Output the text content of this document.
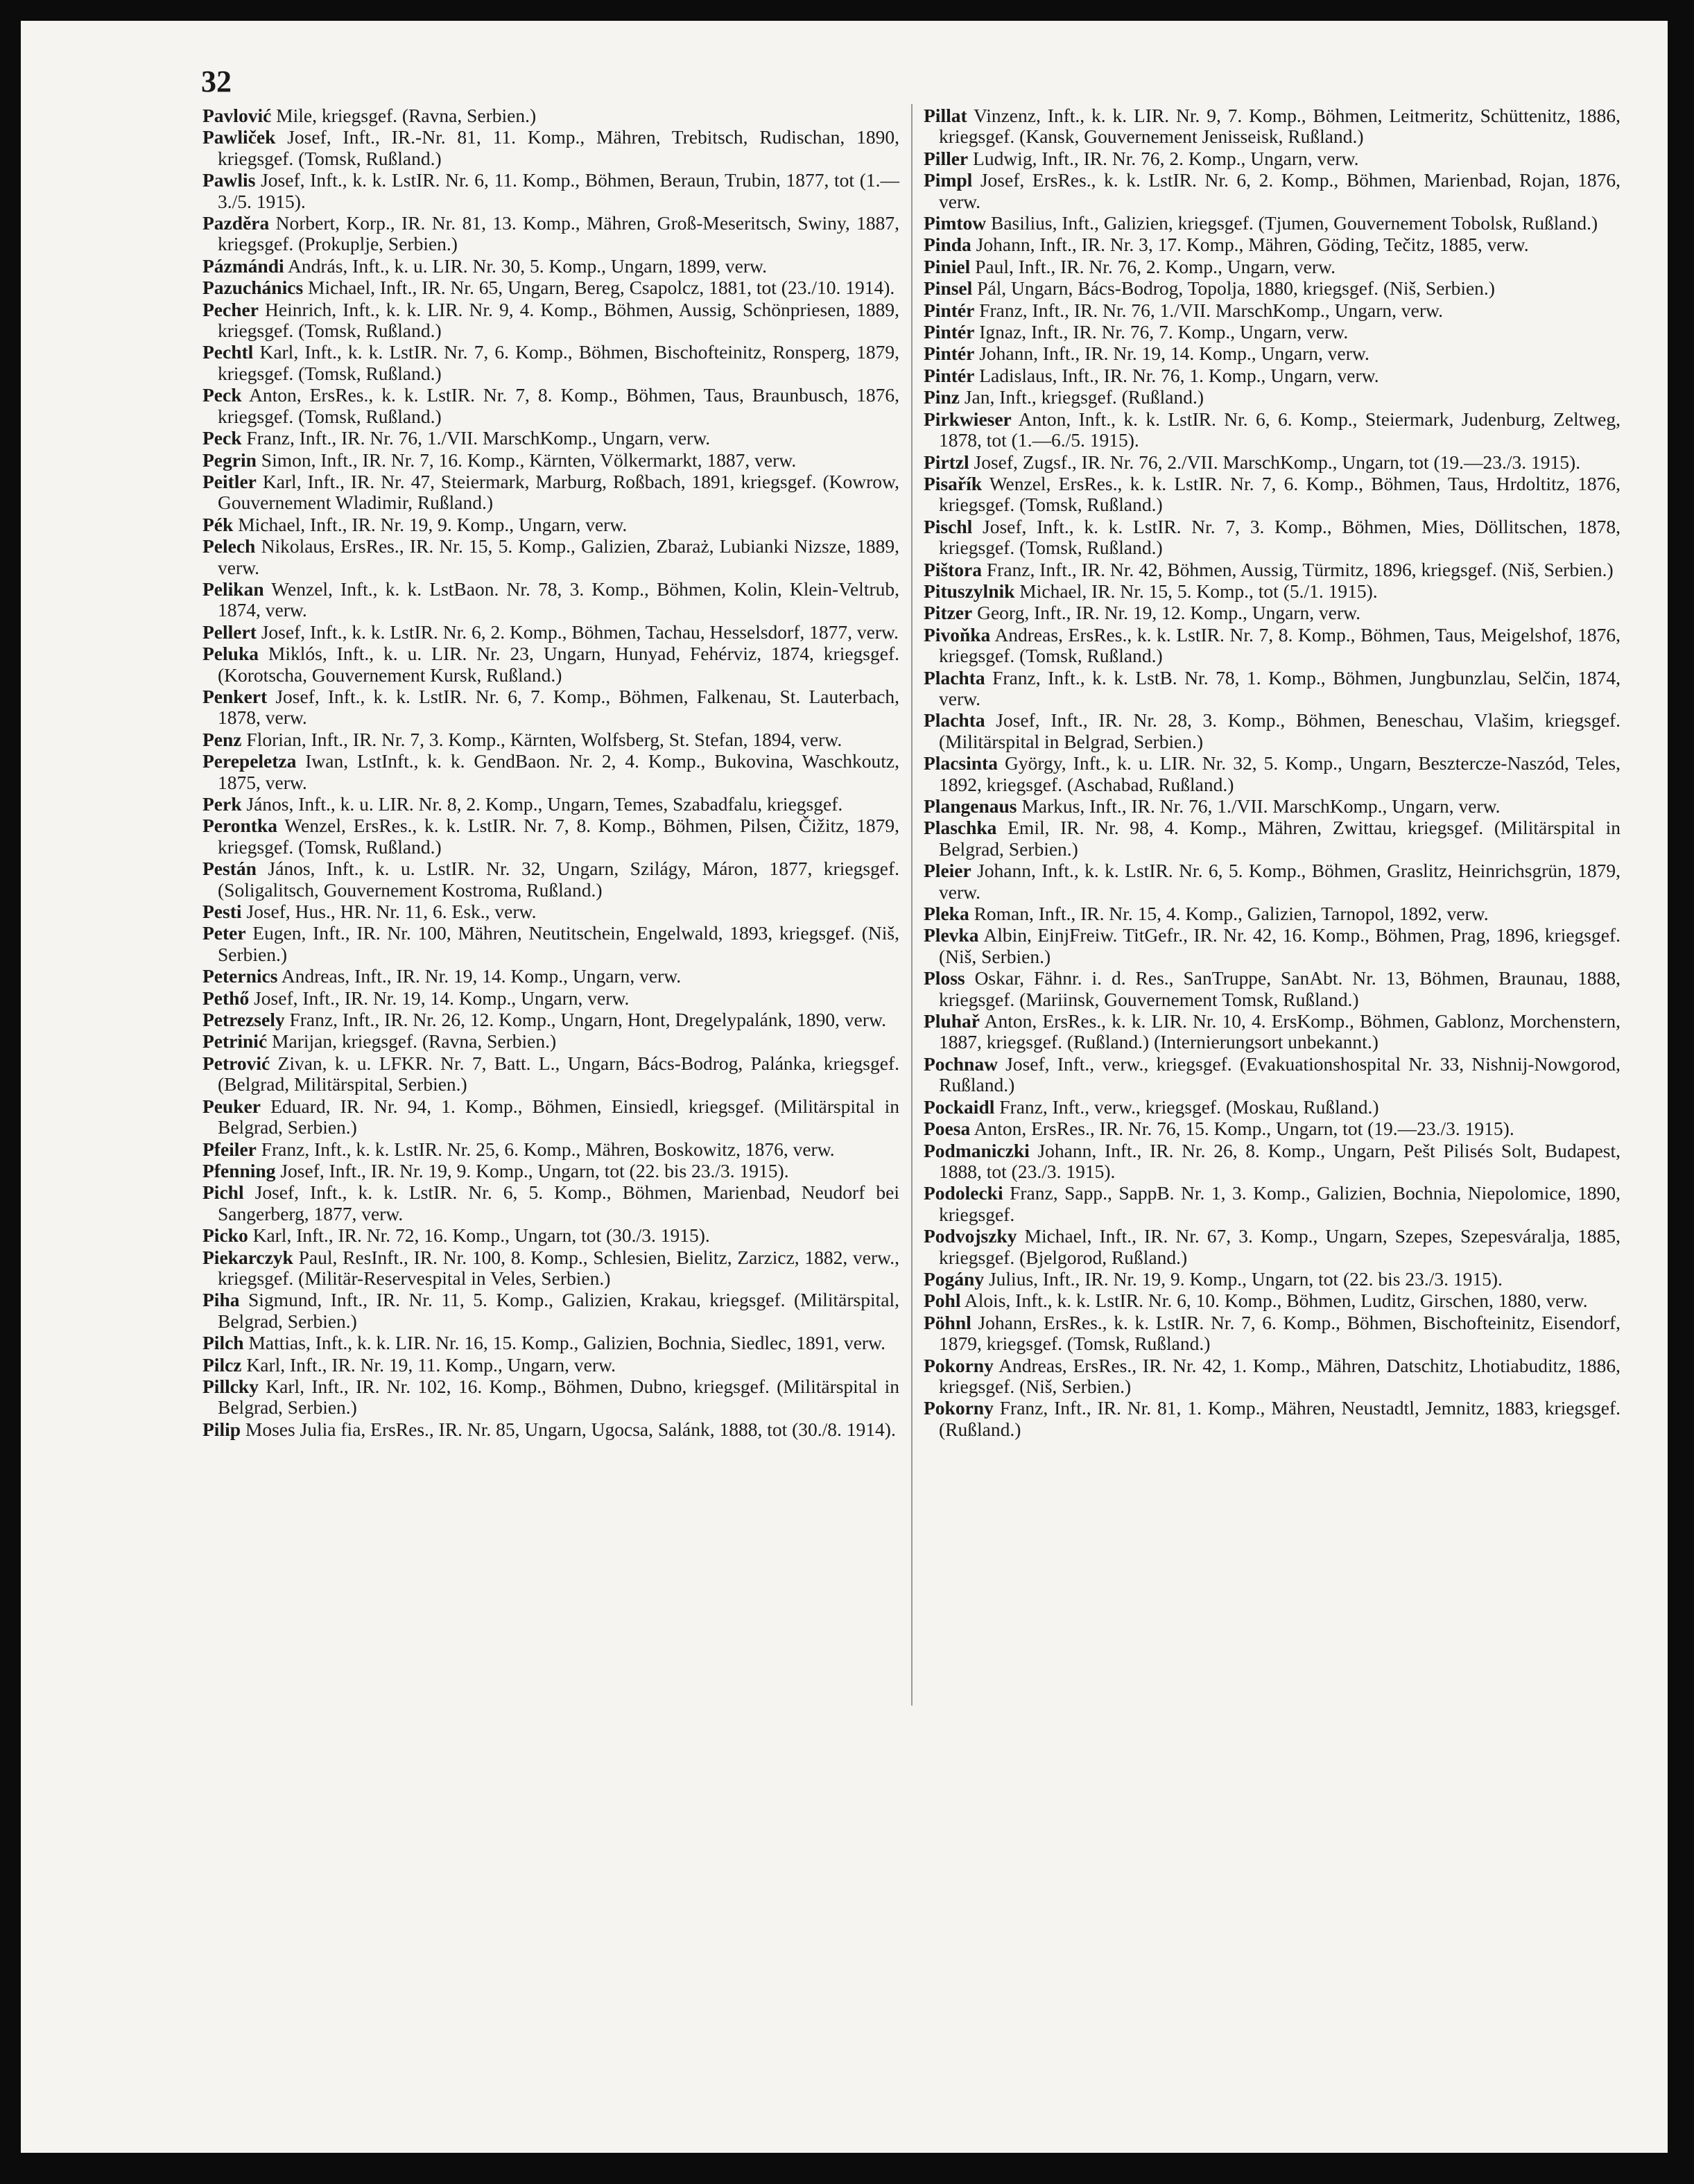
32

Pavlović Mile, kriegsgef. (Ravna, Serbien.)

Pawliček Josef, Inft., IR.-Nr. 81, 11. Komp., Mähren, Trebitsch, Rudischan, 1890, kriegsgef. (Tomsk, Rußland.)

Pawlis Josef, Inft., k. k. LstIR. Nr. 6, 11. Komp., Böhmen, Beraun, Trubin, 1877, tot (1.—3./5. 1915).

Pazděra Norbert, Korp., IR. Nr. 81, 13. Komp., Mähren, Groß-Meseritsch, Swiny, 1887, kriegsgef. (Prokuplje, Serbien.)

Pázmándi András, Inft., k. u. LIR. Nr. 30, 5. Komp., Ungarn, 1899, verw.

Pazuchánics Michael, Inft., IR. Nr. 65, Ungarn, Bereg, Csapolcz, 1881, tot (23./10. 1914).

Pecher Heinrich, Inft., k. k. LIR. Nr. 9, 4. Komp., Böhmen, Aussig, Schönpriesen, 1889, kriegsgef. (Tomsk, Rußland.)

Pechtl Karl, Inft., k. k. LstIR. Nr. 7, 6. Komp., Böhmen, Bischofteinitz, Ronsperg, 1879, kriegsgef. (Tomsk, Rußland.)

Peck Anton, ErsRes., k. k. LstIR. Nr. 7, 8. Komp., Böhmen, Taus, Braunbusch, 1876, kriegsgef. (Tomsk, Rußland.)

Peck Franz, Inft., IR. Nr. 76, 1./VII. MarschKomp., Ungarn, verw.

Pegrin Simon, Inft., IR. Nr. 7, 16. Komp., Kärnten, Völkermarkt, 1887, verw.

Peitler Karl, Inft., IR. Nr. 47, Steiermark, Marburg, Roßbach, 1891, kriegsgef. (Kowrow, Gouvernement Wladimir, Rußland.)

Pék Michael, Inft., IR. Nr. 19, 9. Komp., Ungarn, verw.

Pelech Nikolaus, ErsRes., IR. Nr. 15, 5. Komp., Galizien, Zbaraż, Lubianki Nizsze, 1889, verw.

Pelikan Wenzel, Inft., k. k. LstBaon. Nr. 78, 3. Komp., Böhmen, Kolin, Klein-Veltrub, 1874, verw.

Pellert Josef, Inft., k. k. LstIR. Nr. 6, 2. Komp., Böhmen, Tachau, Hesselsdorf, 1877, verw.

Peluka Miklós, Inft., k. u. LIR. Nr. 23, Ungarn, Hunyad, Fehérviz, 1874, kriegsgef. (Korotscha, Gouvernement Kursk, Rußland.)

Penkert Josef, Inft., k. k. LstIR. Nr. 6, 7. Komp., Böhmen, Falkenau, St. Lauterbach, 1878, verw.

Penz Florian, Inft., IR. Nr. 7, 3. Komp., Kärnten, Wolfsberg, St. Stefan, 1894, verw.

Perepeletza Iwan, LstInft., k. k. GendBaon. Nr. 2, 4. Komp., Bukovina, Waschkoutz, 1875, verw.

Perk János, Inft., k. u. LIR. Nr. 8, 2. Komp., Ungarn, Temes, Szabadfalu, kriegsgef.

Perontka Wenzel, ErsRes., k. k. LstIR. Nr. 7, 8. Komp., Böhmen, Pilsen, Čižitz, 1879, kriegsgef. (Tomsk, Rußland.)

Pestán János, Inft., k. u. LstIR. Nr. 32, Ungarn, Szilágy, Máron, 1877, kriegsgef. (Soligalitsch, Gouvernement Kostroma, Rußland.)

Pesti Josef, Hus., HR. Nr. 11, 6. Esk., verw.

Peter Eugen, Inft., IR. Nr. 100, Mähren, Neutitschein, Engelwald, 1893, kriegsgef. (Niš, Serbien.)

Peternics Andreas, Inft., IR. Nr. 19, 14. Komp., Ungarn, verw.

Pethő Josef, Inft., IR. Nr. 19, 14. Komp., Ungarn, verw.

Petrezsely Franz, Inft., IR. Nr. 26, 12. Komp., Ungarn, Hont, Dregelypalánk, 1890, verw.

Petrinić Marijan, kriegsgef. (Ravna, Serbien.)

Petrović Zivan, k. u. LFKR. Nr. 7, Batt. L., Ungarn, Bács-Bodrog, Palánka, kriegsgef. (Belgrad, Militärspital, Serbien.)

Peuker Eduard, IR. Nr. 94, 1. Komp., Böhmen, Einsiedl, kriegsgef. (Militärspital in Belgrad, Serbien.)

Pfeiler Franz, Inft., k. k. LstIR. Nr. 25, 6. Komp., Mähren, Boskowitz, 1876, verw.

Pfenning Josef, Inft., IR. Nr. 19, 9. Komp., Ungarn, tot (22. bis 23./3. 1915).

Pichl Josef, Inft., k. k. LstIR. Nr. 6, 5. Komp., Böhmen, Marienbad, Neudorf bei Sangerberg, 1877, verw.

Picko Karl, Inft., IR. Nr. 72, 16. Komp., Ungarn, tot (30./3. 1915).

Piekarczyk Paul, ResInft., IR. Nr. 100, 8. Komp., Schlesien, Bielitz, Zarzicz, 1882, verw., kriegsgef. (Militär-Reservespital in Veles, Serbien.)

Piha Sigmund, Inft., IR. Nr. 11, 5. Komp., Galizien, Krakau, kriegsgef. (Militärspital, Belgrad, Serbien.)

Pilch Mattias, Inft., k. k. LIR. Nr. 16, 15. Komp., Galizien, Bochnia, Siedlec, 1891, verw.

Pilcz Karl, Inft., IR. Nr. 19, 11. Komp., Ungarn, verw.

Pillcky Karl, Inft., IR. Nr. 102, 16. Komp., Böhmen, Dubno, kriegsgef. (Militärspital in Belgrad, Serbien.)

Pilip Moses Julia fia, ErsRes., IR. Nr. 85, Ungarn, Ugocsa, Salánk, 1888, tot (30./8. 1914).

Pillat Vinzenz, Inft., k. k. LIR. Nr. 9, 7. Komp., Böhmen, Leitmeritz, Schüttenitz, 1886, kriegsgef. (Kansk, Gouvernement Jenisseisk, Rußland.)

Piller Ludwig, Inft., IR. Nr. 76, 2. Komp., Ungarn, verw.

Pimpl Josef, ErsRes., k. k. LstIR. Nr. 6, 2. Komp., Böhmen, Marienbad, Rojan, 1876, verw.

Pimtow Basilius, Inft., Galizien, kriegsgef. (Tjumen, Gouvernement Tobolsk, Rußland.)

Pinda Johann, Inft., IR. Nr. 3, 17. Komp., Mähren, Göding, Tečitz, 1885, verw.

Piniel Paul, Inft., IR. Nr. 76, 2. Komp., Ungarn, verw.

Pinsel Pál, Ungarn, Bács-Bodrog, Topolja, 1880, kriegsgef. (Niš, Serbien.)

Pintér Franz, Inft., IR. Nr. 76, 1./VII. MarschKomp., Ungarn, verw.

Pintér Ignaz, Inft., IR. Nr. 76, 7. Komp., Ungarn, verw.

Pintér Johann, Inft., IR. Nr. 19, 14. Komp., Ungarn, verw.

Pintér Ladislaus, Inft., IR. Nr. 76, 1. Komp., Ungarn, verw.

Pinz Jan, Inft., kriegsgef. (Rußland.)

Pirkwieser Anton, Inft., k. k. LstIR. Nr. 6, 6. Komp., Steiermark, Judenburg, Zeltweg, 1878, tot (1.—6./5. 1915).

Pirtzl Josef, Zugsf., IR. Nr. 76, 2./VII. MarschKomp., Ungarn, tot (19.—23./3. 1915).

Pisařík Wenzel, ErsRes., k. k. LstIR. Nr. 7, 6. Komp., Böhmen, Taus, Hrdoltitz, 1876, kriegsgef. (Tomsk, Rußland.)

Pischl Josef, Inft., k. k. LstIR. Nr. 7, 3. Komp., Böhmen, Mies, Döllitschen, 1878, kriegsgef. (Tomsk, Rußland.)

Pištora Franz, Inft., IR. Nr. 42, Böhmen, Aussig, Türmitz, 1896, kriegsgef. (Niš, Serbien.)

Pituszylnik Michael, IR. Nr. 15, 5. Komp., tot (5./1. 1915).

Pitzer Georg, Inft., IR. Nr. 19, 12. Komp., Ungarn, verw.

Pivoňka Andreas, ErsRes., k. k. LstIR. Nr. 7, 8. Komp., Böhmen, Taus, Meigelshof, 1876, kriegsgef. (Tomsk, Rußland.)

Plachta Franz, Inft., k. k. LstB. Nr. 78, 1. Komp., Böhmen, Jungbunzlau, Selčin, 1874, verw.

Plachta Josef, Inft., IR. Nr. 28, 3. Komp., Böhmen, Beneschau, Vlašim, kriegsgef. (Militärspital in Belgrad, Serbien.)

Placsinta György, Inft., k. u. LIR. Nr. 32, 5. Komp., Ungarn, Beszterczе-Naszód, Teles, 1892, kriegsgef. (Aschabad, Rußland.)

Plangenaus Markus, Inft., IR. Nr. 76, 1./VII. MarschKomp., Ungarn, verw.

Plaschka Emil, IR. Nr. 98, 4. Komp., Mähren, Zwittau, kriegsgef. (Militärspital in Belgrad, Serbien.)

Pleier Johann, Inft., k. k. LstIR. Nr. 6, 5. Komp., Böhmen, Graslitz, Heinrichsgrün, 1879, verw.

Pleka Roman, Inft., IR. Nr. 15, 4. Komp., Galizien, Tarnopol, 1892, verw.

Plevka Albin, EinjFreiw. TitGefr., IR. Nr. 42, 16. Komp., Böhmen, Prag, 1896, kriegsgef. (Niš, Serbien.)

Ploss Oskar, Fähnr. i. d. Res., SanTruppe, SanAbt. Nr. 13, Böhmen, Braunau, 1888, kriegsgef. (Mariinsk, Gouvernement Tomsk, Rußland.)

Pluhař Anton, ErsRes., k. k. LIR. Nr. 10, 4. ErsKomp., Böhmen, Gablonz, Morchenstern, 1887, kriegsgef. (Rußland.) (Internierungsort unbekannt.)

Pochnaw Josef, Inft., verw., kriegsgef. (Evakuationshospital Nr. 33, Nishnij-Nowgorod, Rußland.)

Pockaidl Franz, Inft., verw., kriegsgef. (Moskau, Rußland.)

Poesa Anton, ErsRes., IR. Nr. 76, 15. Komp., Ungarn, tot (19.—23./3. 1915).

Podmaniczki Johann, Inft., IR. Nr. 26, 8. Komp., Ungarn, Pešt Pilisés Solt, Budapest, 1888, tot (23./3. 1915).

Podolecki Franz, Sapp., SappB. Nr. 1, 3. Komp., Galizien, Bochnia, Niepolomice, 1890, kriegsgef.

Podvojszky Michael, Inft., IR. Nr. 67, 3. Komp., Ungarn, Szepes, Szepesváralja, 1885, kriegsgef. (Bjelgorod, Rußland.)

Pogány Julius, Inft., IR. Nr. 19, 9. Komp., Ungarn, tot (22. bis 23./3. 1915).

Pohl Alois, Inft., k. k. LstIR. Nr. 6, 10. Komp., Böhmen, Luditz, Girschen, 1880, verw.

Pöhnl Johann, ErsRes., k. k. LstIR. Nr. 7, 6. Komp., Böhmen, Bischofteinitz, Eisendorf, 1879, kriegsgef. (Tomsk, Rußland.)

Pokorny Andreas, ErsRes., IR. Nr. 42, 1. Komp., Mähren, Datschitz, Lhotiabuditz, 1886, kriegsgef. (Niš, Serbien.)

Pokorny Franz, Inft., IR. Nr. 81, 1. Komp., Mähren, Neustadtl, Jemnitz, 1883, kriegsgef. (Rußland.)
